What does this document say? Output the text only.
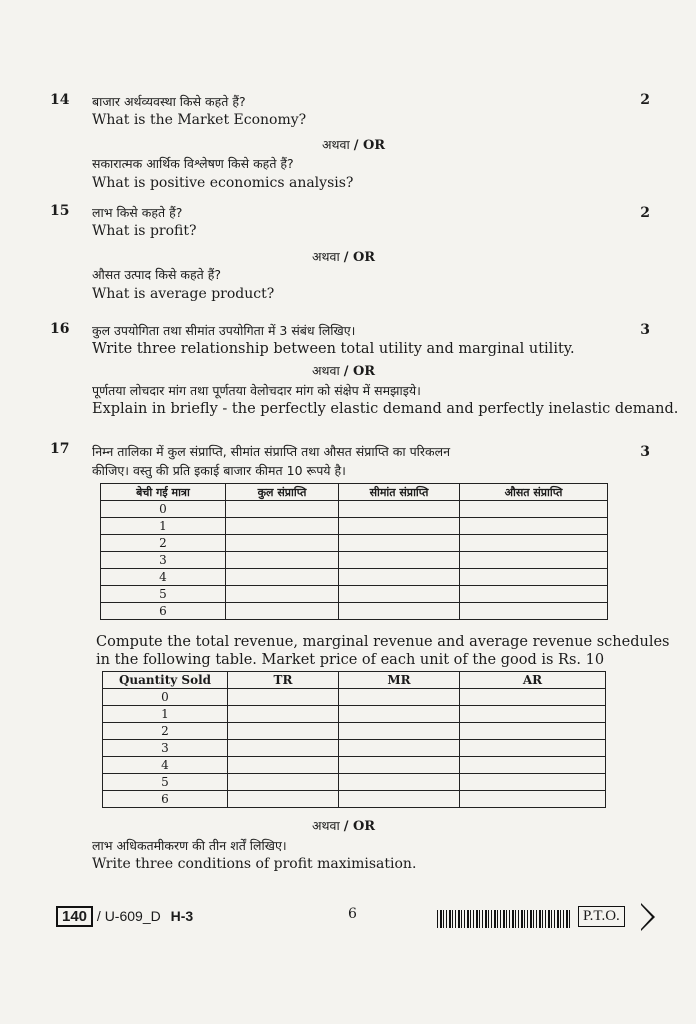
14 बाजार अर्थव्यवस्था किसे कहते हैं?	2
What is the Market Economy?
अथवा / OR
सकारात्मक आर्थिक विश्लेषण किसे कहते हैं?
What is positive economics analysis?
15 लाभ किसे कहते हैं?	2
What is profit?
अथवा / OR
औसत उत्पाद किसे कहते हैं?
What is average product?
16 कुल उपयोगिता तथा सीमांत उपयोगिता में 3 संबंध लिखिए।	3
Write three relationship between total utility and marginal utility.
अथवा / OR
पूर्णतया लोचदार मांग तथा पूर्णतया वेलोचदार मांग को संक्षेप में समझाइये।
Explain in briefly - the perfectly elastic demand and perfectly inelastic demand.
17 निम्न तालिका में कुल संप्राप्ति, सीमांत संप्राप्ति तथा औसत संप्राप्ति का परिकलन	3
कीजिए। वस्तु की प्रति इकाई बाजार कीमत 10 रूपये है।
बेची गई मात्रा	कुल संप्राप्ति	सीमांत संप्राप्ति	औसत संप्राप्ति
0			
1			
2			
3			
4			
5			
6			
Compute the total revenue, marginal revenue and average revenue schedules
in the following table. Market price of each unit of the good is Rs. 10
Quantity Sold	TR	MR	AR
0			
1			
2			
3			
4			
5			
6			
अथवा / OR
लाभ अधिकतमीकरण की तीन शर्तें लिखिए।
Write three conditions of profit maximisation.
140 / U-609_D H-3	6	P.T.O.
